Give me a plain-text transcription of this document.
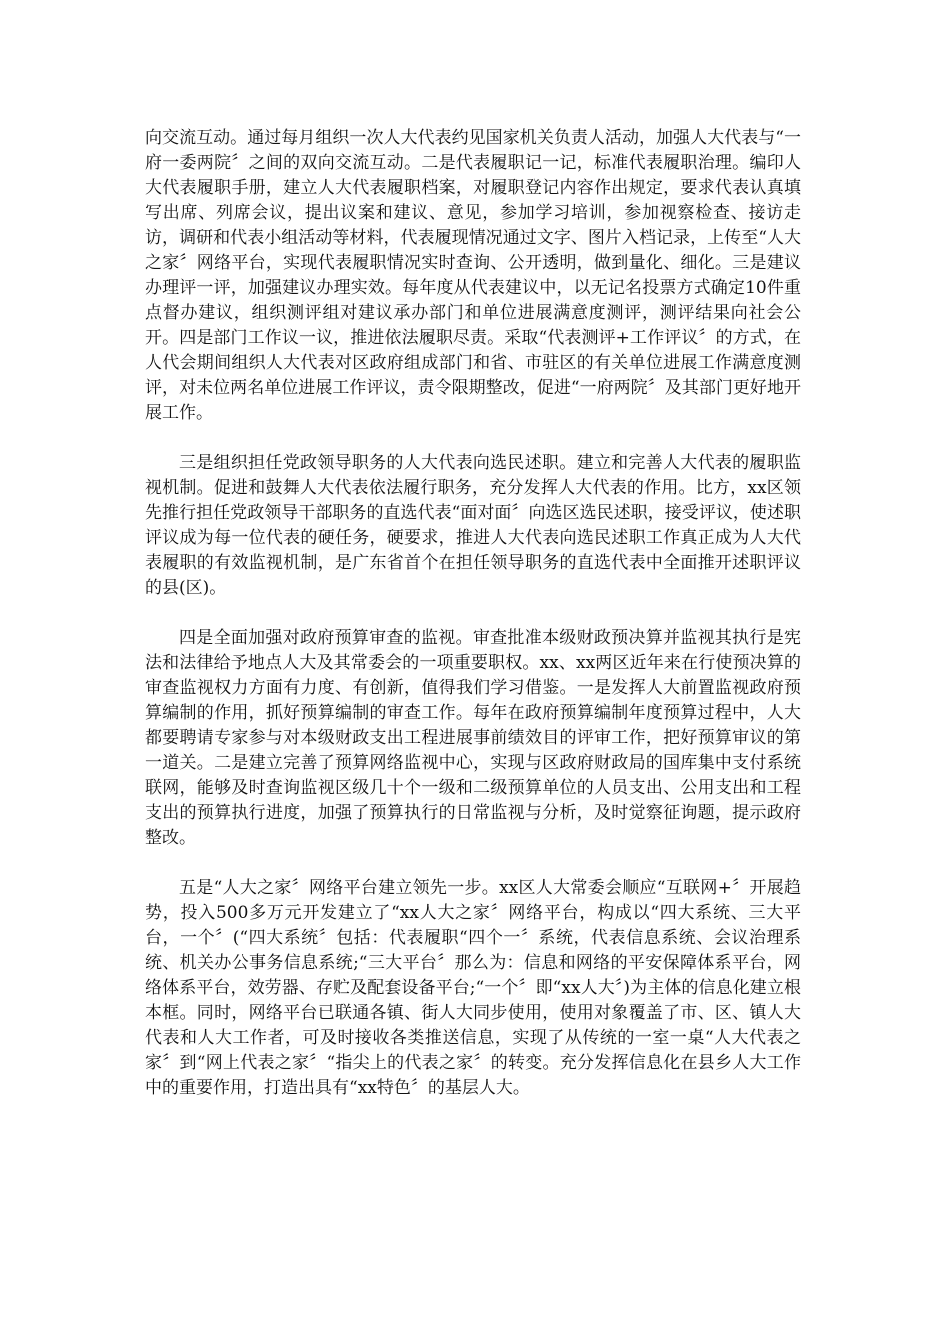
向交流互动。通过每月组织一次人大代表约见国家机关负责人活动，加强人大代表与“一府一委两院〞之间的双向交流互动。二是代表履职记一记，标准代表履职治理。编印人大代表履职手册，建立人大代表履职档案，对履职登记内容作出规定，要求代表认真填写出席、列席会议，提出议案和建议、意见，参加学习培训，参加视察检查、接访走访，调研和代表小组活动等材料，代表履现情况通过文字、图片入档记录，上传至“人大之家〞网络平台，实现代表履职情况实时查询、公开透明，做到量化、细化。三是建议办理评一评，加强建议办理实效。每年度从代表建议中，以无记名投票方式确定10件重点督办建议，组织测评组对建议承办部门和单位进展满意度测评，测评结果向社会公开。四是部门工作议一议，推进依法履职尽责。采取“代表测评+工作评议〞的方式，在人代会期间组织人大代表对区政府组成部门和省、市驻区的有关单位进展工作满意度测评，对未位两名单位进展工作评议，责令限期整改，促进“一府两院〞及其部门更好地开展工作。

三是组织担任党政领导职务的人大代表向选民述职。建立和完善人大代表的履职监视机制。促进和鼓舞人大代表依法履行职务，充分发挥人大代表的作用。比方，xx区领先推行担任党政领导干部职务的直选代表“面对面〞向选区选民述职，接受评议，使述职评议成为每一位代表的硬任务，硬要求，推进人大代表向选民述职工作真正成为人大代表履职的有效监视机制，是广东省首个在担任领导职务的直选代表中全面推开述职评议的县(区)。

四是全面加强对政府预算审查的监视。审查批准本级财政预决算并监视其执行是宪法和法律给予地点人大及其常委会的一项重要职权。xx、xx两区近年来在行使预决算的审查监视权力方面有力度、有创新，值得我们学习借鉴。一是发挥人大前置监视政府预算编制的作用，抓好预算编制的审查工作。每年在政府预算编制年度预算过程中，人大都要聘请专家参与对本级财政支出工程进展事前绩效目的评审工作，把好预算审议的第一道关。二是建立完善了预算网络监视中心，实现与区政府财政局的国库集中支付系统联网，能够及时查询监视区级几十个一级和二级预算单位的人员支出、公用支出和工程支出的预算执行进度，加强了预算执行的日常监视与分析，及时觉察征询题，提示政府整改。

五是“人大之家〞网络平台建立领先一步。xx区人大常委会顺应“互联网+〞开展趋势，投入500多万元开发建立了“xx人大之家〞网络平台，构成以“四大系统、三大平台，一个〞(“四大系统〞包括：代表履职“四个一〞系统，代表信息系统、会议治理系统、机关办公事务信息系统;“三大平台〞那么为：信息和网络的平安保障体系平台，网络体系平台，效劳器、存贮及配套设备平台;“一个〞即“xx人大〞)为主体的信息化建立根本框。同时，网络平台已联通各镇、街人大同步使用，使用对象覆盖了市、区、镇人大代表和人大工作者，可及时接收各类推送信息，实现了从传统的一室一桌“人大代表之家〞到“网上代表之家〞“指尖上的代表之家〞的转变。充分发挥信息化在县乡人大工作中的重要作用，打造出具有“xx特色〞的基层人大。
